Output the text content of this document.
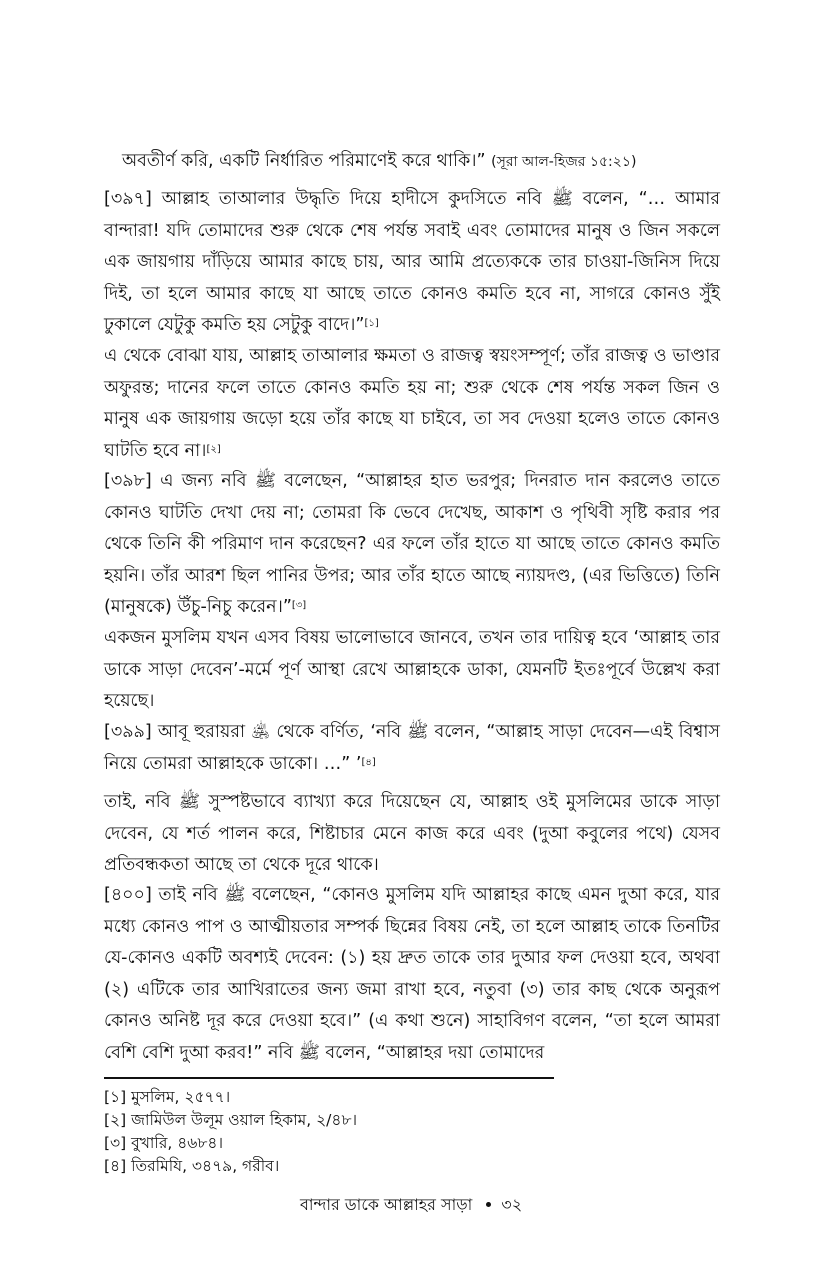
অবতীর্ণ করি, একটি নির্ধারিত পরিমাণেই করে থাকি।” (সূরা আল-হিজর ১৫:২১)

[৩৯৭] আল্লাহ তাআলার উদ্ধৃতি দিয়ে হাদীসে কুদসিতে নবি ﷺ বলেন, “… আমার বান্দারা! যদি তোমাদের শুরু থেকে শেষ পর্যন্ত সবাই এবং তোমাদের মানুষ ও জিন সকলে এক জায়গায় দাঁড়িয়ে আমার কাছে চায়, আর আমি প্রত্যেককে তার চাওয়া-জিনিস দিয়ে দিই, তা হলে আমার কাছে যা আছে তাতে কোনও কমতি হবে না, সাগরে কোনও সুঁই ঢুকালে যেটুকু কমতি হয় সেটুকু বাদে।”[১]

এ থেকে বোঝা যায়, আল্লাহ তাআলার ক্ষমতা ও রাজত্ব স্বয়ংসম্পূর্ণ; তাঁর রাজত্ব ও ভাণ্ডার অফুরন্ত; দানের ফলে তাতে কোনও কমতি হয় না; শুরু থেকে শেষ পর্যন্ত সকল জিন ও মানুষ এক জায়গায় জড়ো হয়ে তাঁর কাছে যা চাইবে, তা সব দেওয়া হলেও তাতে কোনও ঘাটতি হবে না।[২]

[৩৯৮] এ জন্য নবি ﷺ বলেছেন, “আল্লাহর হাত ভরপুর; দিনরাত দান করলেও তাতে কোনও ঘাটতি দেখা দেয় না; তোমরা কি ভেবে দেখেছ, আকাশ ও পৃথিবী সৃষ্টি করার পর থেকে তিনি কী পরিমাণ দান করেছেন? এর ফলে তাঁর হাতে যা আছে তাতে কোনও কমতি হয়নি। তাঁর আরশ ছিল পানির উপর; আর তাঁর হাতে আছে ন্যায়দণ্ড, (এর ভিত্তিতে) তিনি (মানুষকে) উঁচু-নিচু করেন।”[৩]

একজন মুসলিম যখন এসব বিষয় ভালোভাবে জানবে, তখন তার দায়িত্ব হবে ‘আল্লাহ তার ডাকে সাড়া দেবেন’-মর্মে পূর্ণ আস্থা রেখে আল্লাহকে ডাকা, যেমনটি ইতঃপূর্বে উল্লেখ করা হয়েছে।

[৩৯৯] আবূ হুরায়রা ﵁ থেকে বর্ণিত, ‘নবি ﷺ বলেন, “আল্লাহ সাড়া দেবেন—এই বিশ্বাস নিয়ে তোমরা আল্লাহকে ডাকো। …” ’[৪]

তাই, নবি ﷺ সুস্পষ্টভাবে ব্যাখ্যা করে দিয়েছেন যে, আল্লাহ ওই মুসলিমের ডাকে সাড়া দেবেন, যে শর্ত পালন করে, শিষ্টাচার মেনে কাজ করে এবং (দুআ কবুলের পথে) যেসব প্রতিবন্ধকতা আছে তা থেকে দূরে থাকে।

[৪০০] তাই নবি ﷺ বলেছেন, “কোনও মুসলিম যদি আল্লাহর কাছে এমন দুআ করে, যার মধ্যে কোনও পাপ ও আত্মীয়তার সম্পর্ক ছিন্নের বিষয় নেই, তা হলে আল্লাহ তাকে তিনটির যে-কোনও একটি অবশ্যই দেবেন: (১) হয় দ্রুত তাকে তার দুআর ফল দেওয়া হবে, অথবা (২) এটিকে তার আখিরাতের জন্য জমা রাখা হবে, নতুবা (৩) তার কাছ থেকে অনুরূপ কোনও অনিষ্ট দূর করে দেওয়া হবে।” (এ কথা শুনে) সাহাবিগণ বলেন, “তা হলে আমরা বেশি বেশি দুআ করব!” নবি ﷺ বলেন, “আল্লাহর দয়া তোমাদের

[১] মুসলিম, ২৫৭৭।
[২] জামিউল উলূম ওয়াল হিকাম, ২/৪৮।
[৩] বুখারি, ৪৬৮৪।
[৪] তিরমিযি, ৩৪৭৯, গরীব।
বান্দার ডাকে আল্লাহর সাড়া ৩২
